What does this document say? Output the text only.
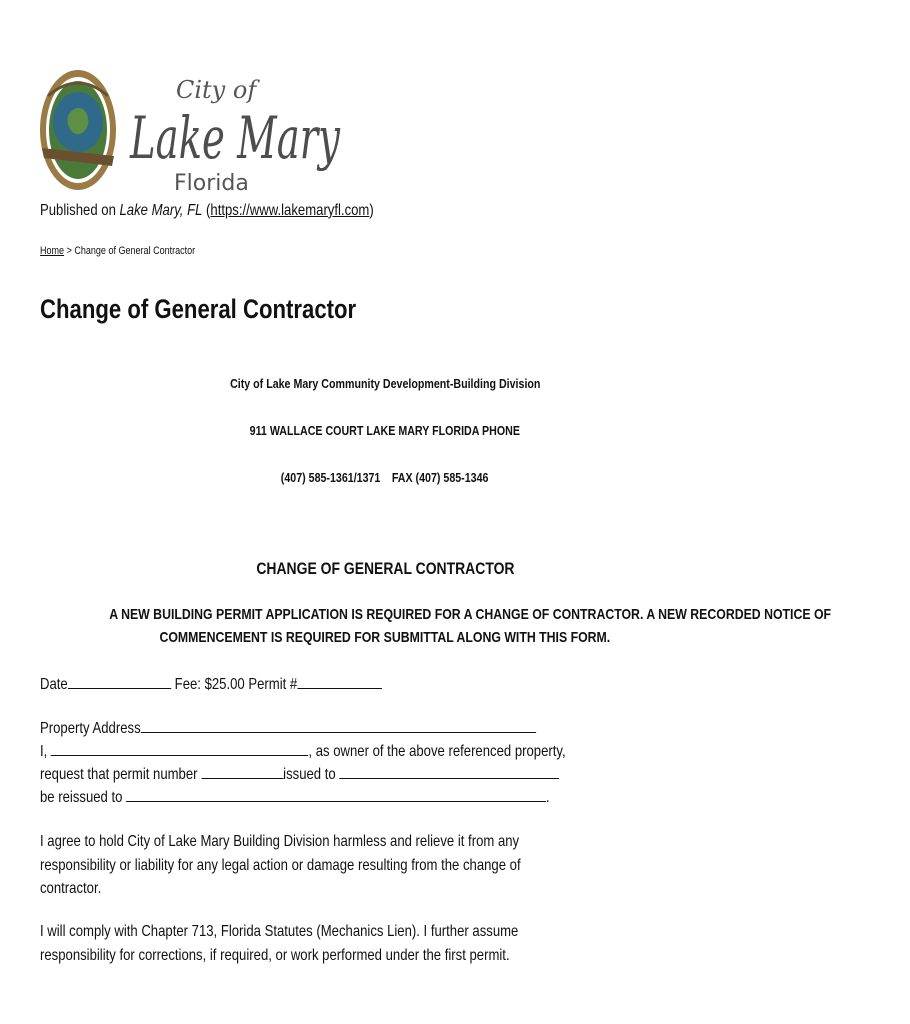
City of
Lake Mary
Florida
Published on Lake Mary, FL (https://www.lakemaryfl.com)
Home > Change of General Contractor
Change of General Contractor
City of Lake Mary Community Development-Building Division
911 WALLACE COURT LAKE MARY FLORIDA PHONE
(407) 585-1361/1371 FAX (407) 585-1346
CHANGE OF GENERAL CONTRACTOR
A NEW BUILDING PERMIT APPLICATION IS REQUIRED FOR A CHANGE OF CONTRACTOR. A NEW RECORDED NOTICE OF
COMMENCEMENT IS REQUIRED FOR SUBMITTAL ALONG WITH THIS FORM.
Date	Fee: $25.00 Permit #
Property Address
I,	, as owner of the above referenced property,
request that permit number	issued to
be reissued to	.
I agree to hold City of Lake Mary Building Division harmless and relieve it from any
responsibility or liability for any legal action or damage resulting from the change of
contractor.
I will comply with Chapter 713, Florida Statutes (Mechanics Lien). I further assume
responsibility for corrections, if required, or work performed under the first permit.
